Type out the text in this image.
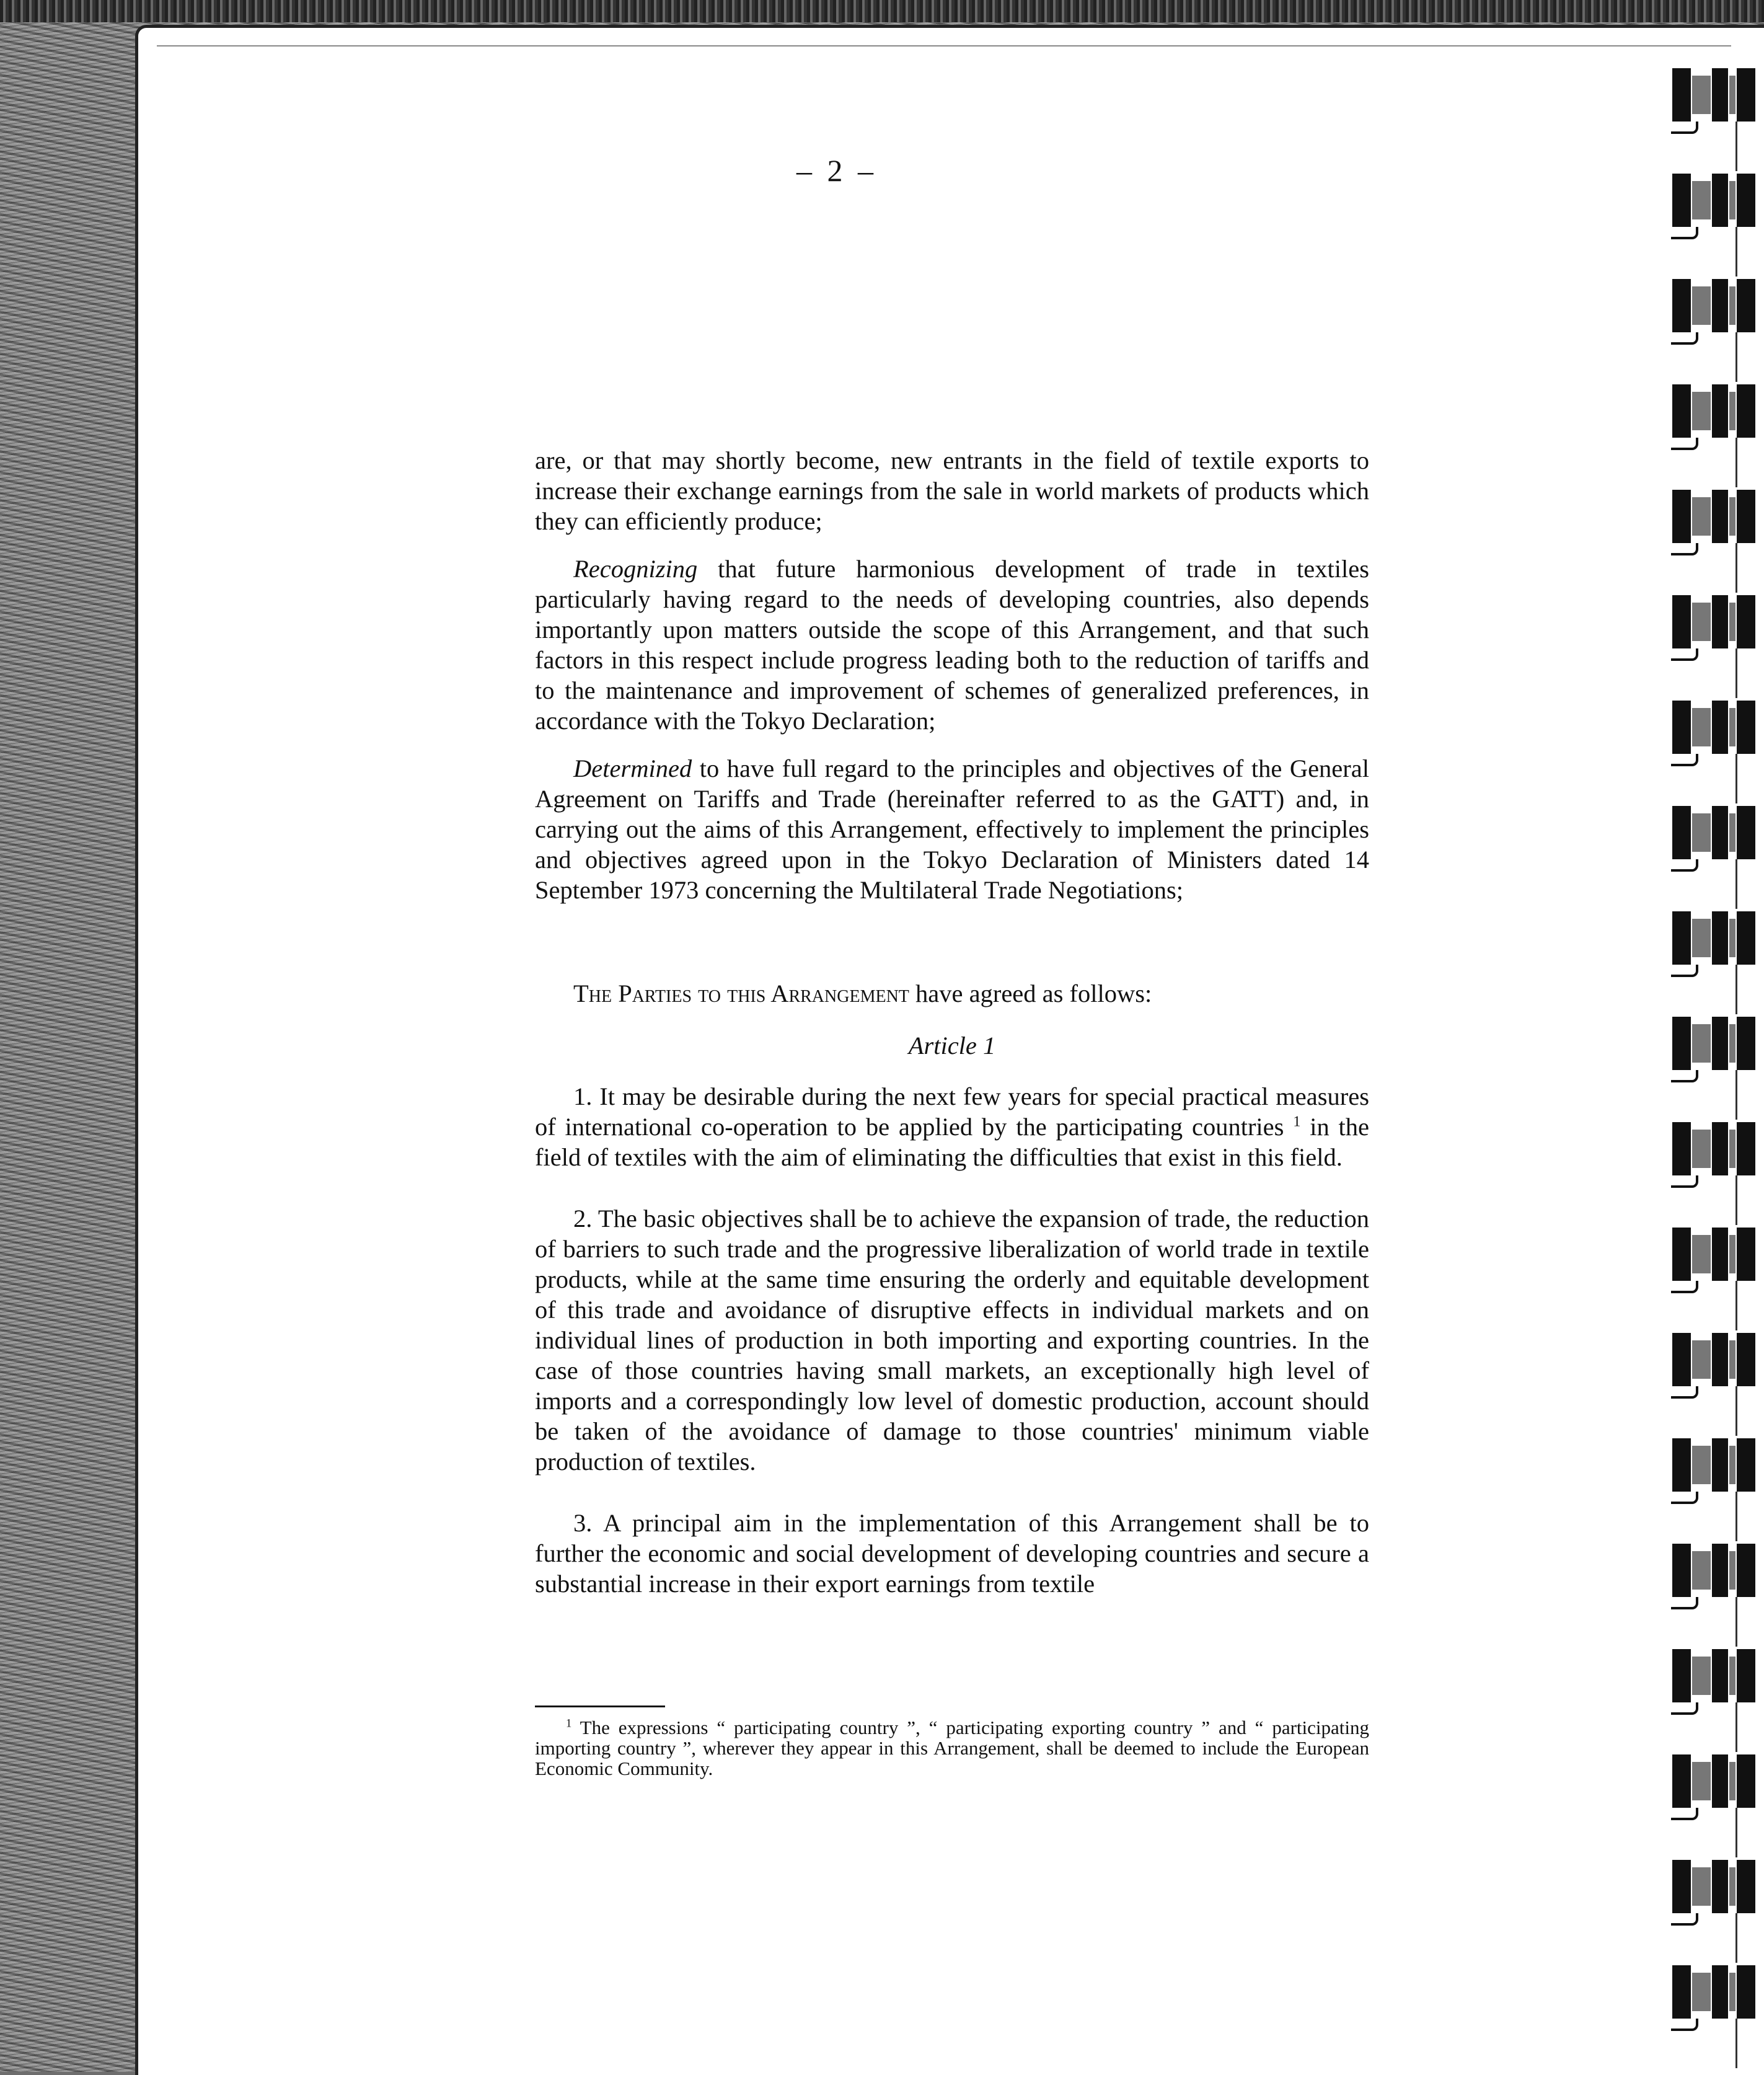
– 2 –

are, or that may shortly become, new entrants in the field of textile exports to increase their exchange earnings from the sale in world markets of products which they can efficiently produce;

Recognizing that future harmonious development of trade in textiles particularly having regard to the needs of developing countries, also depends importantly upon matters outside the scope of this Arrangement, and that such factors in this respect include progress leading both to the reduction of tariffs and to the maintenance and improvement of schemes of generalized preferences, in accordance with the Tokyo Declaration;

Determined to have full regard to the principles and objectives of the General Agreement on Tariffs and Trade (hereinafter referred to as the GATT) and, in carrying out the aims of this Arrangement, effectively to implement the principles and objectives agreed upon in the Tokyo Declaration of Ministers dated 14 September 1973 concerning the Multilateral Trade Negotiations;

The Parties to this Arrangement have agreed as follows:

Article 1

1. It may be desirable during the next few years for special practical measures of international co-operation to be applied by the participating countries $^1$ in the field of textiles with the aim of eliminating the difficulties that exist in this field.

2. The basic objectives shall be to achieve the expansion of trade, the reduction of barriers to such trade and the progressive liberalization of world trade in textile products, while at the same time ensuring the orderly and equitable development of this trade and avoidance of disruptive effects in individual markets and on individual lines of production in both importing and exporting countries. In the case of those countries having small markets, an exceptionally high level of imports and a correspondingly low level of domestic production, account should be taken of the avoidance of damage to those countries' minimum viable production of textiles.

3. A principal aim in the implementation of this Arrangement shall be to further the economic and social development of developing countries and secure a substantial increase in their export earnings from textile

$^1$ The expressions “ participating country ”, “ participating exporting country ” and “ participating importing country ”, wherever they appear in this Arrangement, shall be deemed to include the European Economic Community.
